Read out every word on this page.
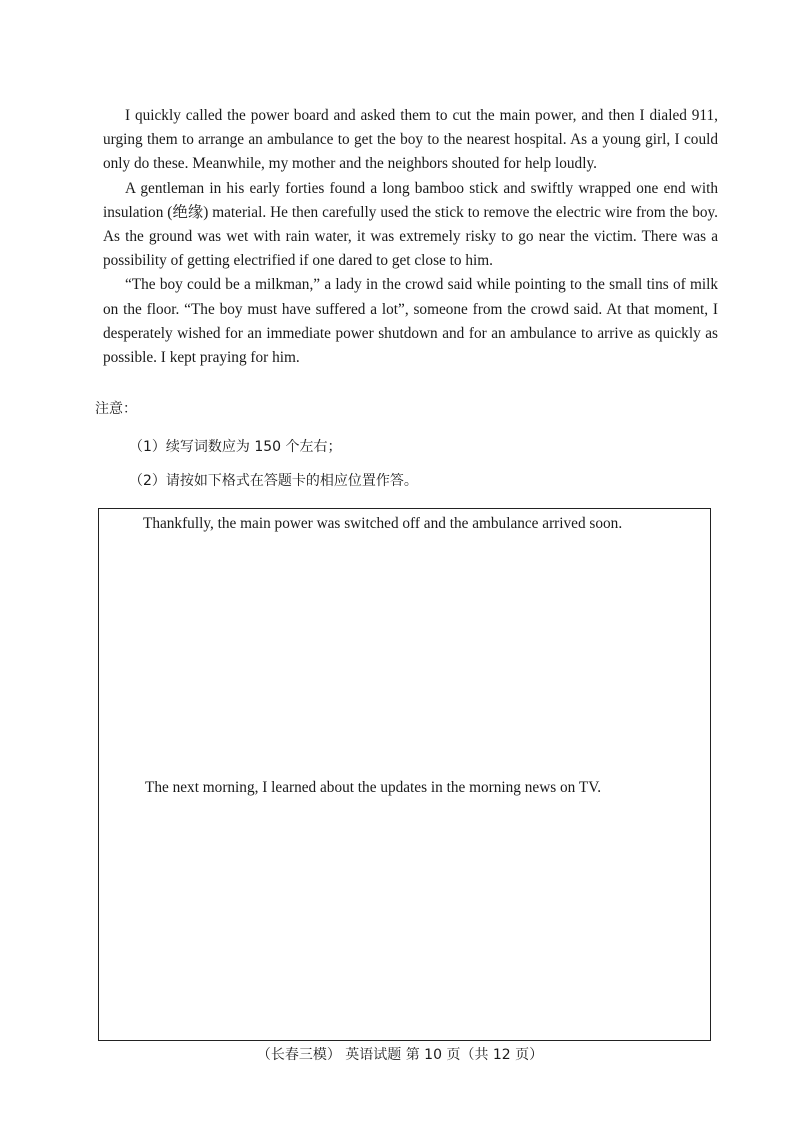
I quickly called the power board and asked them to cut the main power, and then I dialed 911, urging them to arrange an ambulance to get the boy to the nearest hospital. As a young girl, I could only do these. Meanwhile, my mother and the neighbors shouted for help loudly.

A gentleman in his early forties found a long bamboo stick and swiftly wrapped one end with insulation (绝缘) material. He then carefully used the stick to remove the electric wire from the boy. As the ground was wet with rain water, it was extremely risky to go near the victim. There was a possibility of getting electrified if one dared to get close to him.

“The boy could be a milkman,” a lady in the crowd said while pointing to the small tins of milk on the floor. “The boy must have suffered a lot”, someone from the crowd said. At that moment, I desperately wished for an immediate power shutdown and for an ambulance to arrive as quickly as possible. I kept praying for him.

注意：
（1）续写词数应为 150 个左右；
（2）请按如下格式在答题卡的相应位置作答。
Thankfully, the main power was switched off and the ambulance arrived soon.
The next morning, I learned about the updates in the morning news on TV.
（长春三模） 英语试题 第 10 页（共 12 页）
